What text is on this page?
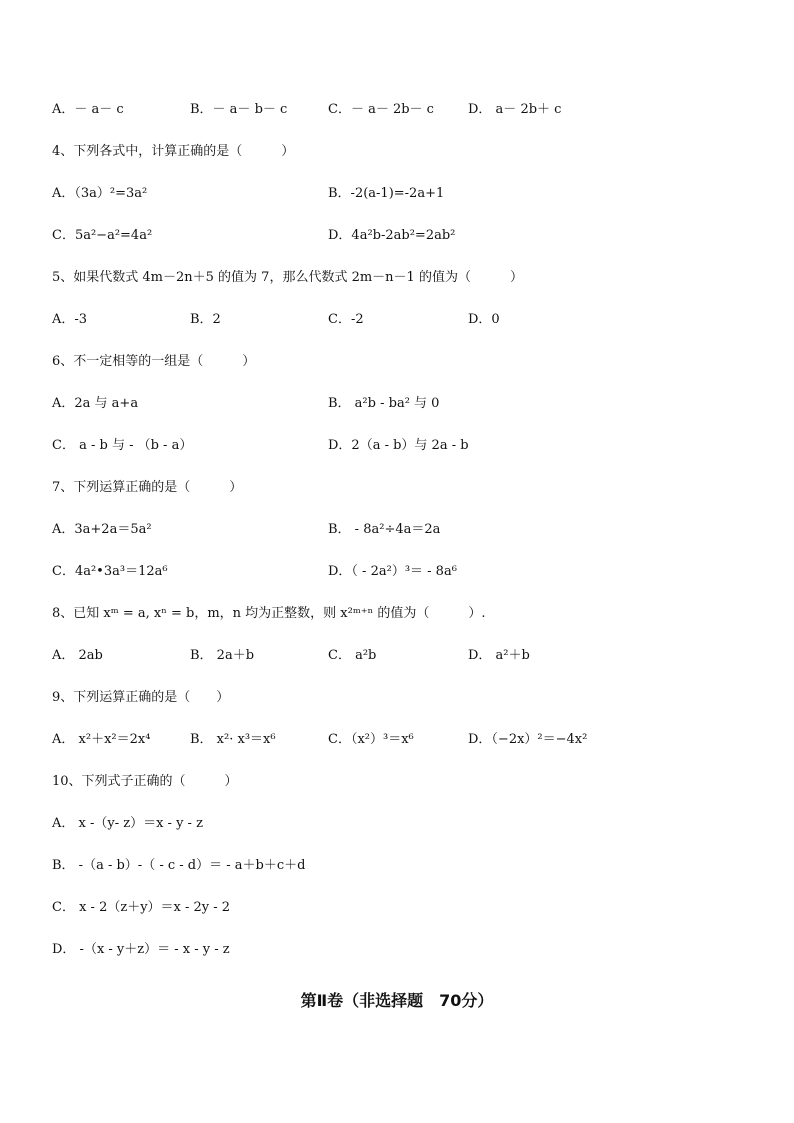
A．－ a－ c	B．－ a－ b－ c	C．－ a－ 2b－ c	D． a－ 2b＋ c
4、下列各式中，计算正确的是（　　　）
A．（3a）²=3a²	B．-2(a-1)=-2a+1
C．5a²−a²=4a²	D．4a²b-2ab²=2ab²
5、如果代数式 4m－2n＋5 的值为 7，那么代数式 2m－n－1 的值为（　　　）
A．-3	B．2	C．-2	D．0
6、不一定相等的一组是（　　　）
A．2a 与 a+a	B． a²b - ba² 与 0
C． a - b 与 - （b - a）	D．2（a - b）与 2a - b
7、下列运算正确的是（　　　）
A．3a+2a＝5a²	B． - 8a²÷4a＝2a
C．4a²•3a³＝12a⁶	D．（ - 2a²）³＝ - 8a⁶
8、已知 xᵐ = a, xⁿ = b，m，n 均为正整数，则 x²ᵐ⁺ⁿ 的值为（　　　）.
A． 2ab	B． 2a＋b	C． a²b	D． a²＋b
9、下列运算正确的是（　　）
A． x²＋x²＝2x⁴	B． x²· x³＝x⁶	C．（x²）³＝x⁶	D．（−2x）²＝−4x²
10、下列式子正确的（　　　）
A． x -（y- z）＝x - y - z
B． -（a - b）-（ - c - d）＝ - a＋b＋c＋d
C． x - 2（z＋y）＝x - 2y - 2
D． -（x - y＋z）＝ - x - y - z
第Ⅱ卷（非选择题　70分）
